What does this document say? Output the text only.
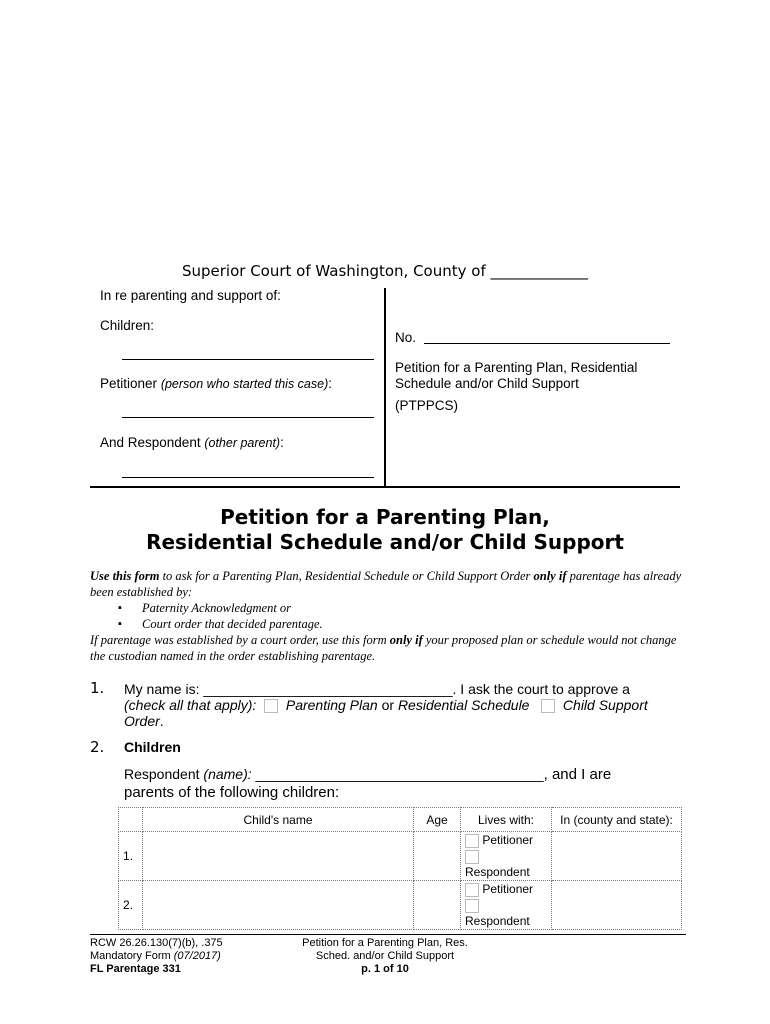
Superior Court of Washington, County of _____________
In re parenting and support of:
Children:
Petitioner (person who started this case):
And Respondent (other parent):
No.
Petition for a Parenting Plan, Residential
Schedule and/or Child Support
(PTPPCS)
Petition for a Parenting Plan,
Residential Schedule and/or Child Support
Use this form to ask for a Parenting Plan, Residential Schedule or Child Support Order only if parentage has already been established by:
▪ Paternity Acknowledgment or
▪ Court order that decided parentage.
If parentage was established by a court order, use this form only if your proposed plan or schedule would not change the custodian named in the order establishing parentage.
1. My name is: ________________________________. I ask the court to approve a
(check all that apply): Parenting Plan or Residential Schedule Child Support
Order.
2. Children
Respondent (name): _____________________________________, and I are
parents of the following children:
	Child's name	Age	Lives with:	In (county and state):
1.			Petitioner
Respondent	

2.			Petitioner
Respondent	

RCW 26.26.130(7)(b), .375
Mandatory Form (07/2017)
FL Parentage 331
Petition for a Parenting Plan, Res.
Sched. and/or Child Support
p. 1 of 10
